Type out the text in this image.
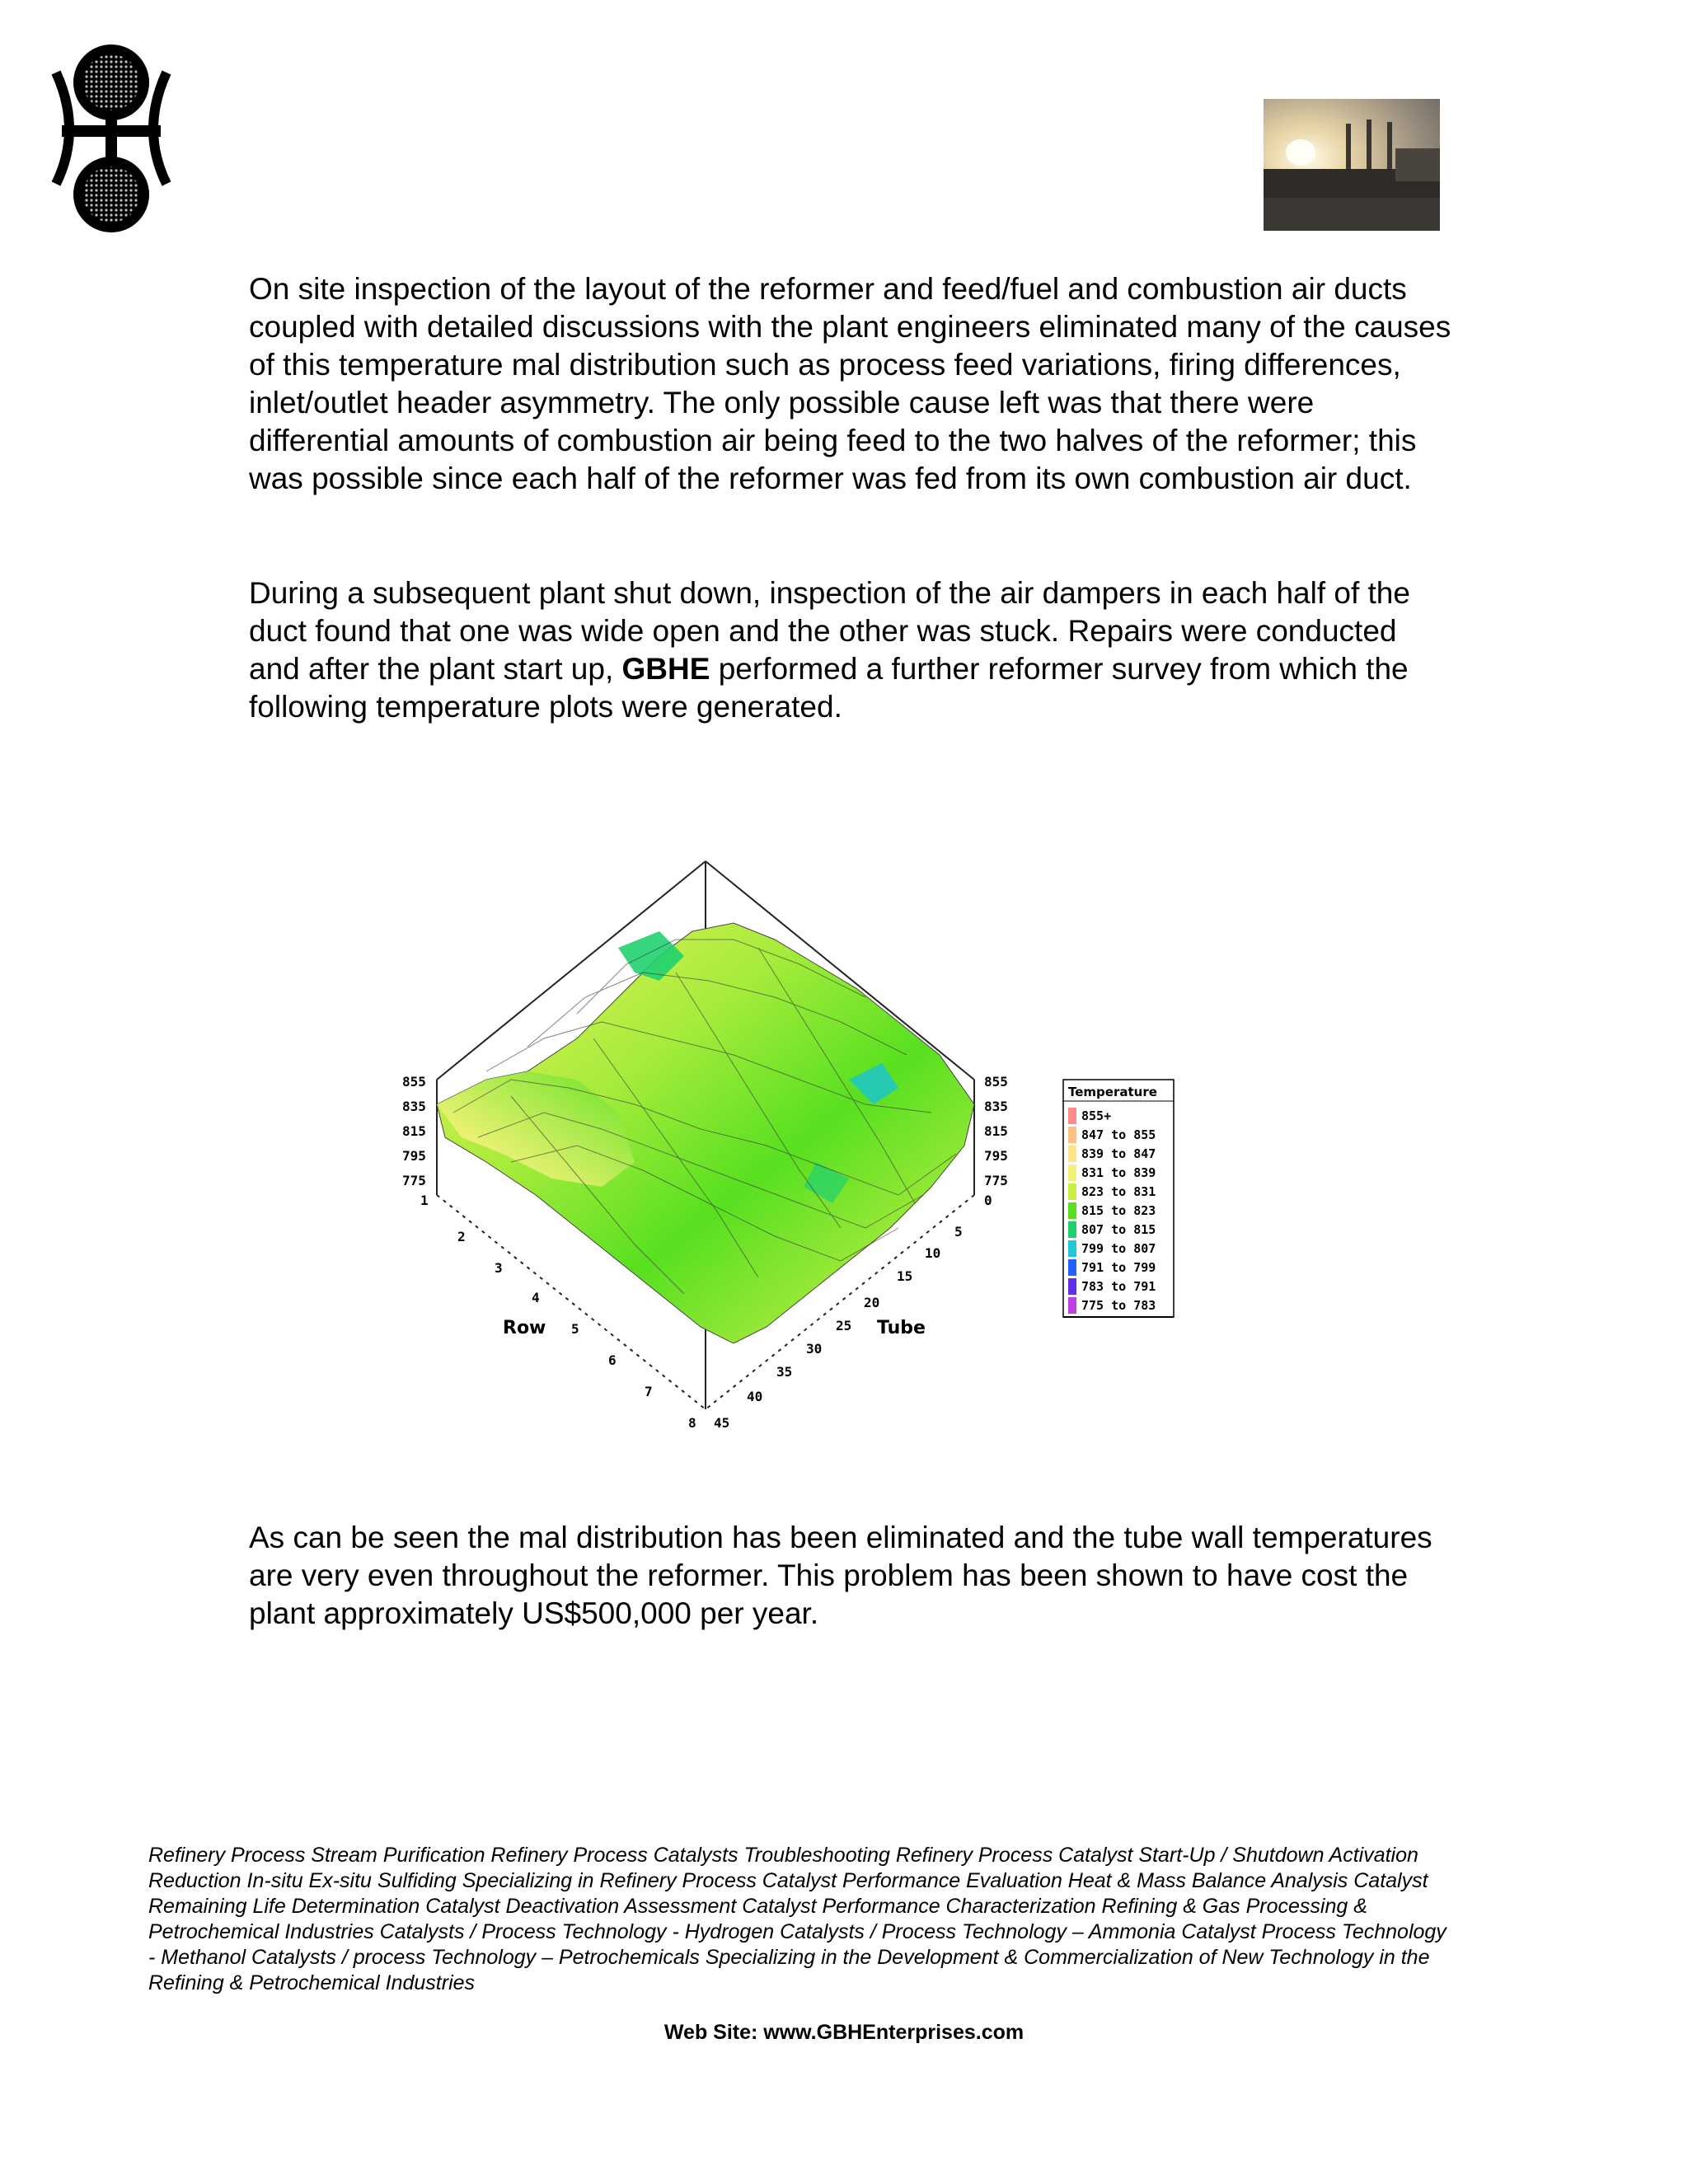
On site inspection of the layout of the reformer and feed/fuel and combustion air ducts coupled with detailed discussions with the plant engineers eliminated many of the causes of this temperature mal distribution such as process feed variations, firing differences, inlet/outlet header asymmetry. The only possible cause left was that there were differential amounts of combustion air being feed to the two halves of the reformer; this was possible since each half of the reformer was fed from its own combustion air duct.

During a subsequent plant shut down, inspection of the air dampers in each half of the duct found that one was wide open and the other was stuck. Repairs were conducted and after the plant start up, GBHE performed a further reformer survey from which the following temperature plots were generated.

855
835
815
795
775
855
835
815
795
775
1
2
3
4
5
6
7
8
0
5
10
15
20
25
30
35
40
45
Row	Tube
Temperature
855+
847 to 855
839 to 847
831 to 839
823 to 831
815 to 823
807 to 815
799 to 807
791 to 799
783 to 791
775 to 783

As can be seen the mal distribution has been eliminated and the tube wall temperatures are very even throughout the reformer. This problem has been shown to have cost the plant approximately US$500,000 per year.

Refinery Process Stream Purification Refinery Process Catalysts Troubleshooting Refinery Process Catalyst Start-Up / Shutdown Activation Reduction In-situ Ex-situ Sulfiding Specializing in Refinery Process Catalyst Performance Evaluation Heat & Mass Balance Analysis Catalyst Remaining Life Determination Catalyst Deactivation Assessment Catalyst Performance Characterization Refining & Gas Processing & Petrochemical Industries Catalysts / Process Technology - Hydrogen Catalysts / Process Technology – Ammonia Catalyst Process Technology - Methanol Catalysts / process Technology – Petrochemicals Specializing in the Development & Commercialization of New Technology in the Refining & Petrochemical Industries

Web Site: www.GBHEnterprises.com
